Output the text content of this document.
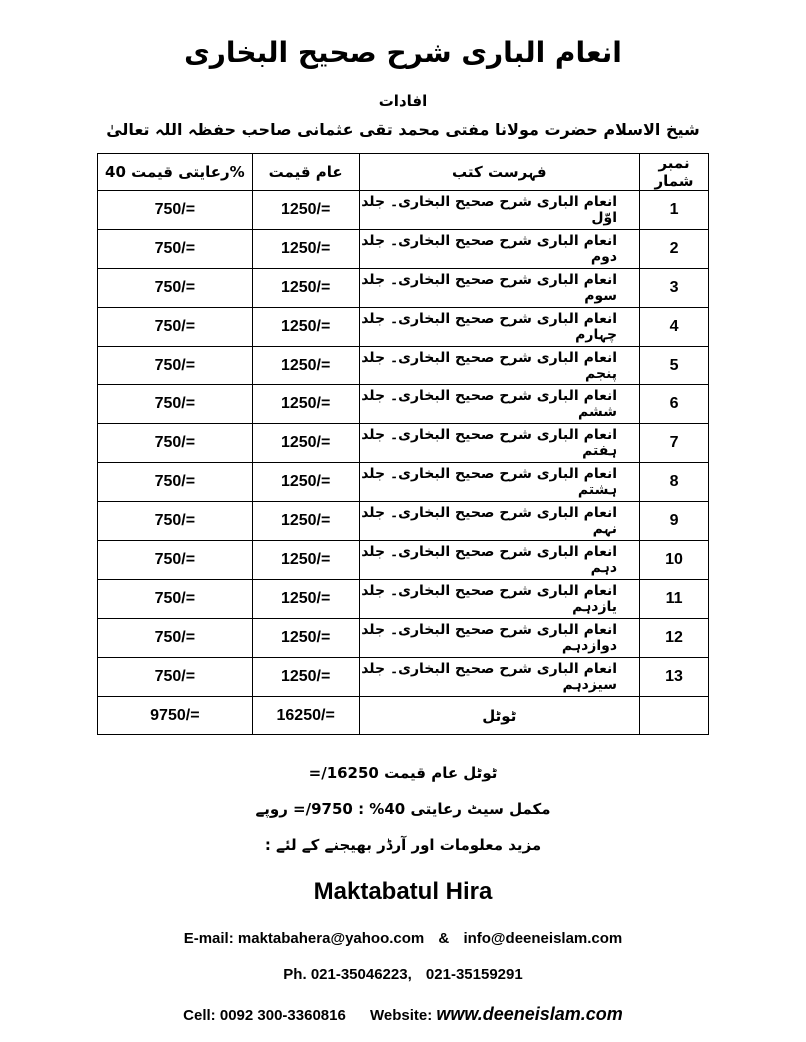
انعام الباری شرح صحیح البخاری
افادات
شیخ الاسلام حضرت مولانا مفتی محمد تقی عثمانی صاحب حفظہ اللہ تعالیٰ
رعایتی قیمت 40%	عام قیمت	فہرست کتب	نمبر شمار
750/=	1250/=	انعام الباری شرح صحیح البخاری۔ جلد اوّل	1
750/=	1250/=	انعام الباری شرح صحیح البخاری۔ جلد دوم	2
750/=	1250/=	انعام الباری شرح صحیح البخاری۔ جلد سوم	3
750/=	1250/=	انعام الباری شرح صحیح البخاری۔ جلد چہارم	4
750/=	1250/=	انعام الباری شرح صحیح البخاری۔ جلد پنجم	5
750/=	1250/=	انعام الباری شرح صحیح البخاری۔ جلد ششم	6
750/=	1250/=	انعام الباری شرح صحیح البخاری۔ جلد ہفتم	7
750/=	1250/=	انعام الباری شرح صحیح البخاری۔ جلد ہشتم	8
750/=	1250/=	انعام الباری شرح صحیح البخاری۔ جلد نہم	9
750/=	1250/=	انعام الباری شرح صحیح البخاری۔ جلد دہم	10
750/=	1250/=	انعام الباری شرح صحیح البخاری۔ جلد یازدہم	11
750/=	1250/=	انعام الباری شرح صحیح البخاری۔ جلد دوازدہم	12
750/=	1250/=	انعام الباری شرح صحیح البخاری۔ جلد سیزدہم	13
9750/=	16250/=	ٹوٹل	
ٹوٹل عام قیمت 16250/=
مکمل سیٹ رعایتی 40% : 9750/= روپے
مزید معلومات اور آرڈر بھیجنے کے لئے :
Maktabatul Hira
E-mail: maktabahera@yahoo.com & info@deeneislam.com
Ph. 021-35046223, 021-35159291
Cell: 0092 300-3360816 Website: www.deeneislam.com
